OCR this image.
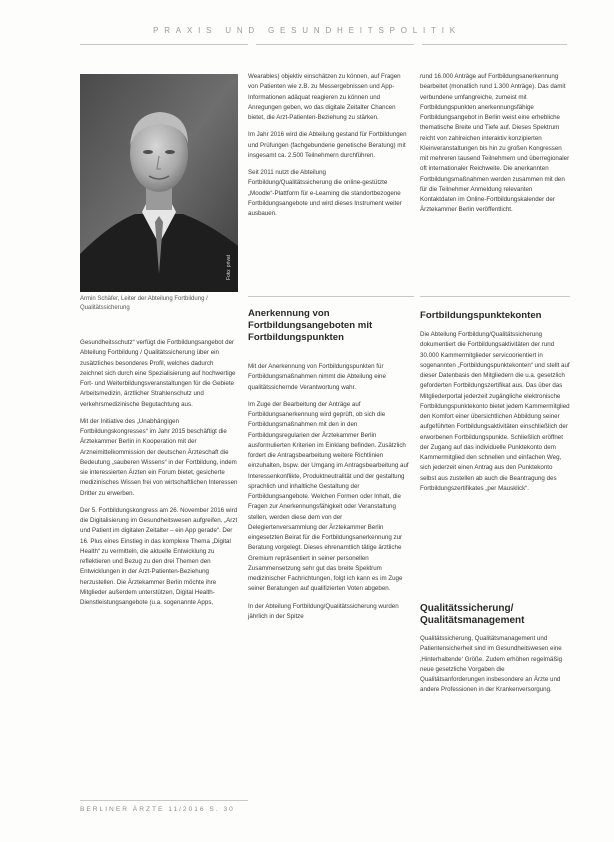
PRAXIS UND GESUNDHEITSPOLITIK
Foto: privat
Armin Schäfer, Leiter der Abteilung Fortbildung / Qualitätssicherung

Gesundheitsschutz“ verfügt die Fortbildungsangebot der Abteilung Fortbildung / Qualitätssicherung über ein zusätzliches besonderes Profil, welches dadurch zeichnet sich durch eine Spezialisierung auf hochwertige Fort- und Weiterbildungsveranstaltungen für die Gebiete Arbeitsmedizin, ärztlicher Strahlenschutz und verkehrsmedizinische Begutachtung aus.

Mit der Initiative des „Unabhängigen Fortbildungskongresses“ im Jahr 2015 beschäftigt die Ärztekammer Berlin in Kooperation mit der Arzneimittelkommission der deutschen Ärzteschaft die Bedeutung „sauberen Wissens“ in der Fortbildung, indem sie interessierten Ärzten ein Forum bietet, gesicherte medizinisches Wissen frei von wirtschaftlichen Interessen Dritter zu erwerben.

Der 5. Fortbildungskongress am 26. November 2016 wird die Digitalisierung im Gesundheitswesen aufgreifen. „Arzt und Patient im digitalen Zeitalter – ein App gerade“. Der 16. Plus eines Einstieg in das komplexe Thema „Digital Health“ zu vermitteln, die aktuelle Entwicklung zu reflektieren und Bezug zu den drei Themen den Entwicklungen in der Arzt-Patienten-Beziehung herzustellen. Die Ärztekammer Berlin möchte ihre Mitglieder außerdem unterstützen, Digital Health-Dienstleistungsangebote (u.a. sogenannte Apps,

Wearables) objektiv einschätzen zu können, auf Fragen von Patienten wie z.B. zu Messergebnissen und App-Informationen adäquat reagieren zu können und Anregungen geben, wo das digitale Zeitalter Chancen bietet, die Arzt-Patienten-Beziehung zu stärken.

Im Jahr 2016 wird die Abteilung gestand für Fortbildungen und Prüfungen (fachgebundene genetische Beratung) mit insgesamt ca. 2.500 Teilnehmern durchführen.

Seit 2011 nutzt die Abteilung Fortbildung/Qualitätssicherung die online-gestützte „Moodle“-Plattform für e-Learning die standortbezogene Fortbildungsangebote und wird dieses Instrument weiter ausbauen.

Anerkennung von Fortbildungsangeboten mit Fortbildungspunkten

Mit der Anerkennung von Fortbildungspunkten für Fortbildungsmaßnahmen nimmt die Abteilung eine qualitätssichernde Verantwortung wahr.

Im Zuge der Bearbeitung der Anträge auf Fortbildungsanerkennung wird geprüft, ob sich die Fortbildungsmaßnahmen mit den in den Fortbildungsregularien der Ärztekammer Berlin ausformulierten Kriterien im Einklang befinden. Zusätzlich fordert die Antragsbearbeitung weitere Richtlinien einzuhalten, bspw. der Umgang im Antragsbearbeitung auf Interessenkonflikte, Produktneutralität und der gestaltung sprachlich und inhaltliche Gestaltung der Fortbildungsangebote. Welchen Formen oder Inhalt, die Fragen zur Anerkennungsfähigkeit oder Veranstaltung stellen, werden diese dem von der Delegiertenversammlung der Ärztekammer Berlin eingesetzten Beirat für die Fortbildungsanerkennung zur Beratung vorgelegt. Dieses ehrenamtlich tätige ärztliche Gremium repräsentiert in seiner personellen Zusammensetzung sehr gut das breite Spektrum medizinischer Fachrichtungen, folgt ich kann es im Zuge seiner Beratungen auf qualifizierten Voten abgeben.

In der Abteilung Fortbildung/Qualitätssicherung wurden jährlich in der Spitze

rund 16.000 Anträge auf Fortbildungsanerkennung bearbeitet (monatlich rund 1.300 Anträge). Das damit verbundene umfangreiche, zumeist mit Fortbildungspunkten anerkennungsfähige Fortbildungsangebot in Berlin weist eine erhebliche thematische Breite und Tiefe auf. Dieses Spektrum reicht von zahlreichen interaktiv konzipierten Kleinveranstaltungen bis hin zu großen Kongressen mit mehreren tausend Teilnehmern und überregionaler oft internationaler Reichweite. Die anerkannten Fortbildungsmaßnahmen werden zusammen mit den für die Teilnehmer Anmeldung relevanten Kontaktdaten im Online-Fortbildungskalender der Ärztekammer Berlin veröffentlicht.

Fortbildungspunktekonten

Die Abteilung Fortbildung/Qualitätssicherung dokumentiert die Fortbildungsaktivitäten der rund 30.000 Kammermitglieder servicoorientiert in sogenannten „Fortbildungspunktekonten“ und stellt auf dieser Datenbasis den Mitgliedern die u.a. gesetzlich geforderten Fortbildungszertifikat aus. Das über das Mitgliederportal jederzeit zugängliche elektronische Fortbildungspunktekonto bietet jedem Kammermitglied den Komfort einer übersichtlichen Abbildung seiner aufgeführten Fortbildungsaktivitäten einschließlich der erworbenen Fortbildungspunkte. Schließlich eröffnet der Zugang auf das individuelle Punktekonto dem Kammermitglied den schnellen und einfachen Weg, sich jederzeit einen Antrag aus den Punktekonto selbst aus zustellen ab auch die Beantragung des Fortbildungszertifikates „per Mausklick“.

Qualitätssicherung/ Qualitätsmanagement

Qualitätssicherung, Qualitätsmanagement und Patientensicherheit sind im Gesundheitswesen eine ‚Hinterhaltende‘ Größe. Zudem erhöhen regelmäßig neue gesetzliche Vorgaben die Qualitätsanforderungen insbesondere an Ärzte und andere Professionen in der Krankenversorgung.

BERLINER ÄRZTE 11/2016 S. 30
